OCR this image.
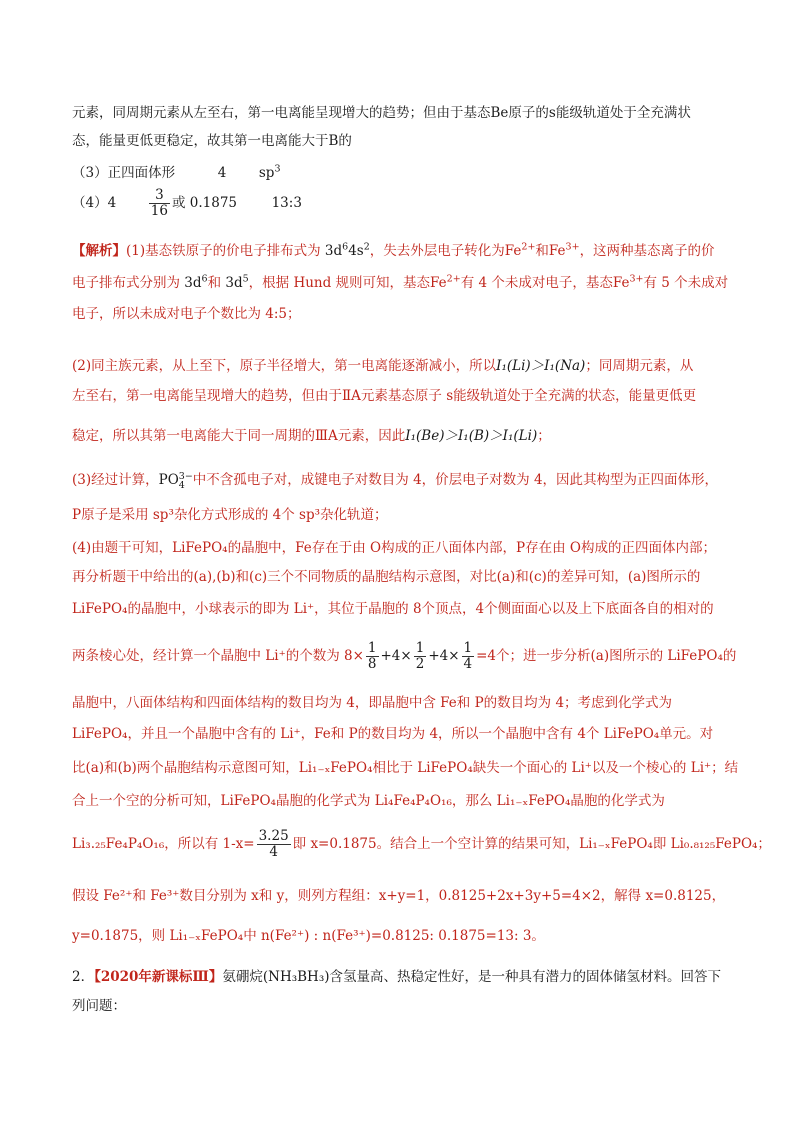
元素，同周期元素从左至右，第一电离能呈现增大的趋势；但由于基态Be原子的s能级轨道处于全充满状
态，能量更低更稳定，故其第一电离能大于B的
（3）正四面体形	4 $sp^3$
$(4)4 \frac{3}{16}$ 或 0.1875	13:3
【解析】(1)基态铁原子的价电子排布式为 $3d^64s^2$，失去外层电子转化为$Fe^{2+}$和$Fe^{3+}$，这两种基态离子的价
电子排布式分别为 $3d^6$和 $3d^5$，根据 Hund 规则可知，基态$Fe^{2+}$有 4 个未成对电子，基态$Fe^{3+}$有 5 个未成对
电子，所以未成对电子个数比为 4:5；
(2)同主族元素，从上至下，原子半径增大，第一电离能逐渐减小，所以I₁(Li)＞I₁(Na)；同周期元素，从
左至右，第一电离能呈现增大的趋势，但由于ⅡA元素基态原子 s能级轨道处于全充满的状态，能量更低更
稳定，所以其第一电离能大于同一周期的ⅢA元素，因此I₁(Be)＞I₁(B)＞I₁(Li)；
(3)经过计算，PO 3−
4 中不含孤电子对，成键电子对数目为 4，价层电子对数为 4，因此其构型为正四面体形，
P原子是采用 sp³杂化方式形成的 4个 sp³杂化轨道；
(4)由题干可知，LiFePO₄的晶胞中，Fe存在于由 O构成的正八面体内部，P存在由 O构成的正四面体内部；
再分析题干中给出的(a),(b)和(c)三个不同物质的晶胞结构示意图，对比(a)和(c)的差异可知，(a)图所示的
LiFePO₄的晶胞中，小球表示的即为 Li⁺，其位于晶胞的 8个顶点，4个侧面面心以及上下底面各自的相对的
两条棱心处，经计算一个晶胞中 Li⁺的个数为 $8\times \frac{1}{8} +4\times \frac{1}{2} +4\times \frac{1}{4} =4$个；进一步分析(a)图所示的 LiFePO₄的
晶胞中，八面体结构和四面体结构的数目均为 4，即晶胞中含 Fe和 P的数目均为 4；考虑到化学式为
LiFePO₄，并且一个晶胞中含有的 Li⁺，Fe和 P的数目均为 4，所以一个晶胞中含有 4个 LiFePO₄单元。对
比(a)和(b)两个晶胞结构示意图可知，Li₁₋ₓFePO₄相比于 LiFePO₄缺失一个面心的 Li⁺以及一个棱心的 Li⁺；结
合上一个空的分析可知，LiFePO₄晶胞的化学式为 Li₄Fe₄P₄O₁₆，那么 Li₁₋ₓFePO₄晶胞的化学式为
Li₃.₂₅Fe₄P₄O₁₆，所以有 $1-x= \frac{3.25}{4}$ 即 x=0.1875。结合上一个空计算的结果可知，Li₁₋ₓFePO₄即 Li₀.₈₁₂₅FePO₄；
假设 Fe²⁺和 Fe³⁺数目分别为 x和 y，则列方程组：x+y=1，0.8125+2x+3y+5=4×2，解得 x=0.8125，
y=0.1875，则 Li₁₋ₓFePO₄中 n(Fe²⁺) : n(Fe³⁺)=0.8125: 0.1875=13: 3。
2．【2020年新课标Ⅲ】氨硼烷(NH₃BH₃)含氢量高、热稳定性好，是一种具有潜力的固体储氢材料。回答下
列问题：
